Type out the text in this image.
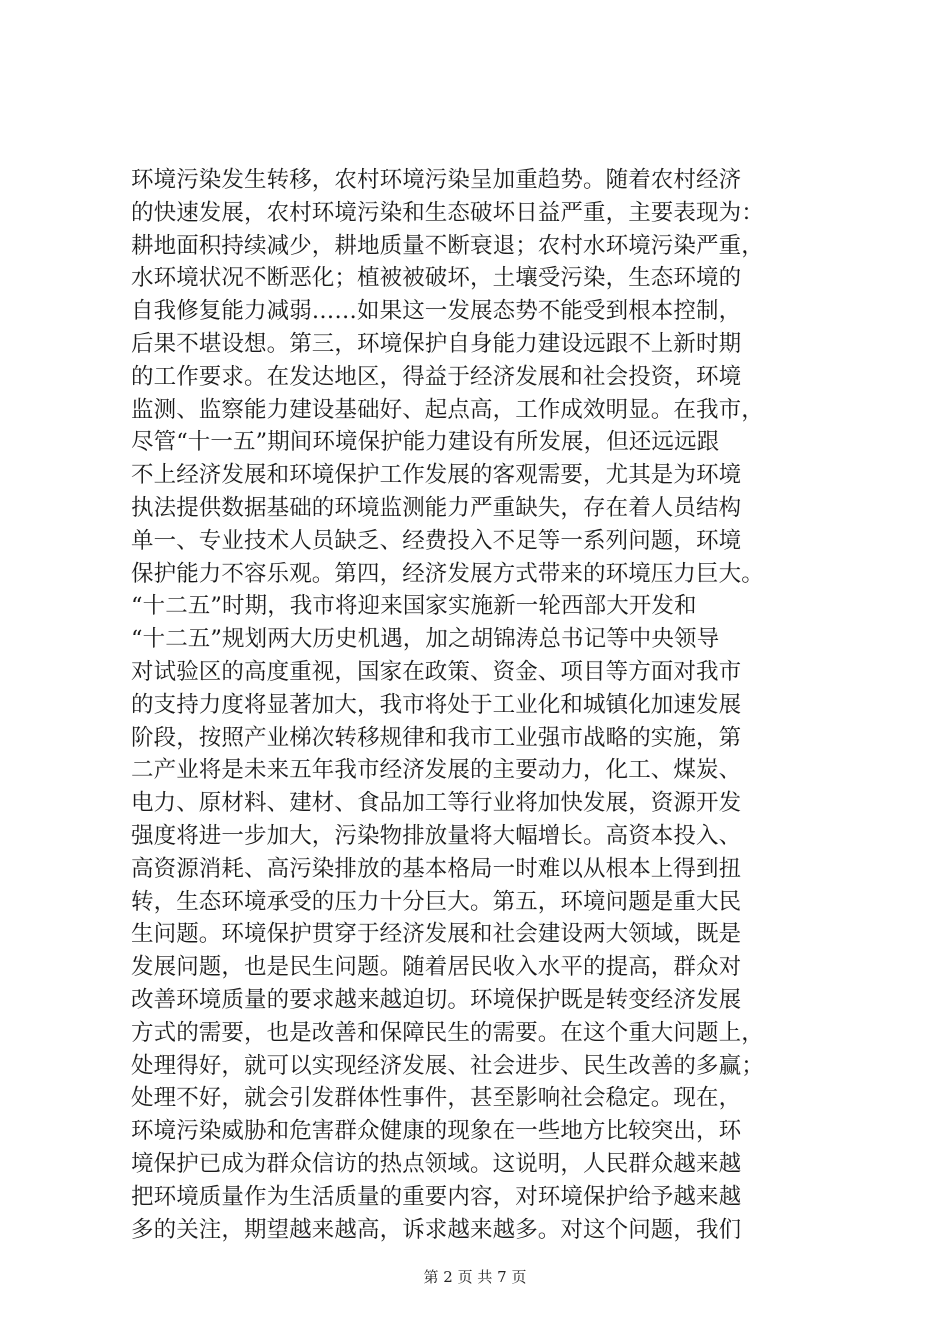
环境污染发生转移，农村环境污染呈加重趋势。随着农村经济
的快速发展，农村环境污染和生态破坏日益严重，主要表现为：
耕地面积持续减少，耕地质量不断衰退；农村水环境污染严重，
水环境状况不断恶化；植被被破坏，土壤受污染，生态环境的
自我修复能力减弱……如果这一发展态势不能受到根本控制，
后果不堪设想。第三，环境保护自身能力建设远跟不上新时期
的工作要求。在发达地区，得益于经济发展和社会投资，环境
监测、监察能力建设基础好、起点高，工作成效明显。在我市，
尽管“十一五”期间环境保护能力建设有所发展，但还远远跟
不上经济发展和环境保护工作发展的客观需要，尤其是为环境
执法提供数据基础的环境监测能力严重缺失，存在着人员结构
单一、专业技术人员缺乏、经费投入不足等一系列问题，环境
保护能力不容乐观。第四，经济发展方式带来的环境压力巨大。
“十二五”时期，我市将迎来国家实施新一轮西部大开发和
“十二五”规划两大历史机遇，加之胡锦涛总书记等中央领导
对试验区的高度重视，国家在政策、资金、项目等方面对我市
的支持力度将显著加大，我市将处于工业化和城镇化加速发展
阶段，按照产业梯次转移规律和我市工业强市战略的实施，第
二产业将是未来五年我市经济发展的主要动力，化工、煤炭、
电力、原材料、建材、食品加工等行业将加快发展，资源开发
强度将进一步加大，污染物排放量将大幅增长。高资本投入、
高资源消耗、高污染排放的基本格局一时难以从根本上得到扭
转，生态环境承受的压力十分巨大。第五，环境问题是重大民
生问题。环境保护贯穿于经济发展和社会建设两大领域，既是
发展问题，也是民生问题。随着居民收入水平的提高，群众对
改善环境质量的要求越来越迫切。环境保护既是转变经济发展
方式的需要，也是改善和保障民生的需要。在这个重大问题上，
处理得好，就可以实现经济发展、社会进步、民生改善的多赢；
处理不好，就会引发群体性事件，甚至影响社会稳定。现在，
环境污染威胁和危害群众健康的现象在一些地方比较突出，环
境保护已成为群众信访的热点领域。这说明，人民群众越来越
把环境质量作为生活质量的重要内容，对环境保护给予越来越
多的关注，期望越来越高，诉求越来越多。对这个问题，我们
第 2 页 共 7 页
